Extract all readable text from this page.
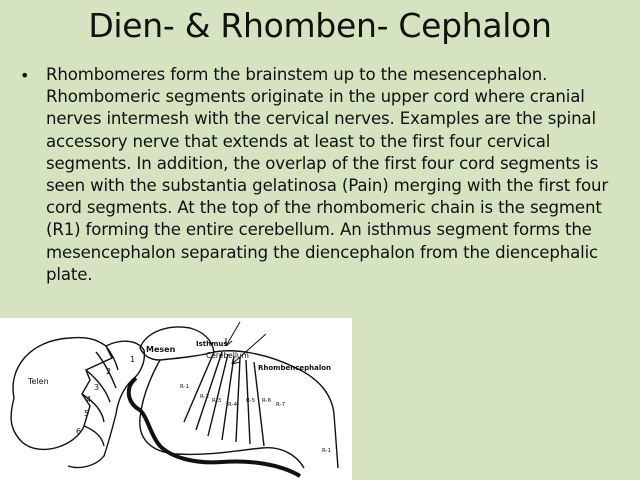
Dien- & Rhomben- Cephalon
• Rhombomeres form the brainstem up to the mesencephalon. Rhombomeric segments originate in the upper cord where cranial nerves intermesh with the cervical nerves. Examples are the spinal accessory nerve that extends at least to the first four cervical segments. In addition, the overlap of the first four cord segments is seen with the substantia gelatinosa (Pain) merging with the first four cord segments. At the top of the rhombomeric chain is the segment (R1) forming the entire cerebellum. An isthmus segment forms the mesencephalon separating the diencephalon from the diencephalic plate.
Telen
Mesen
Isthmus
Cerebellum
Rhombencephalon
1
2
3
4
5
6
R-1
R-2
R-3
R-4
R-5 R-6
R-7
R-1
